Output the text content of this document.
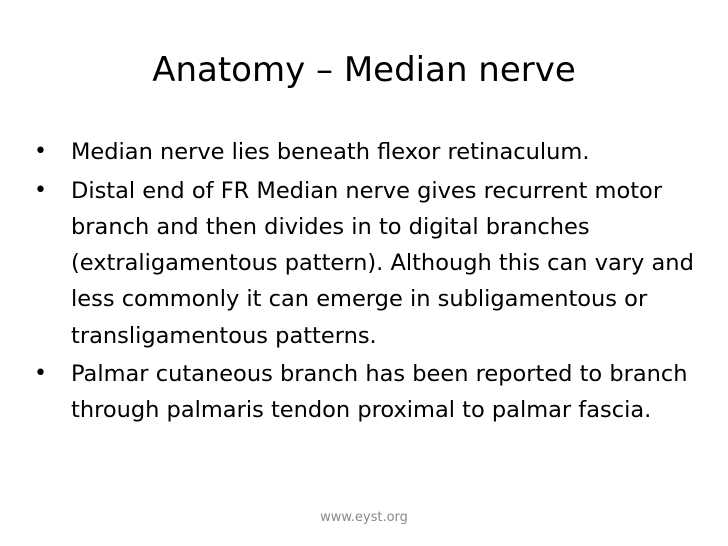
Anatomy – Median nerve
•	Median nerve lies beneath flexor retinaculum.
•	Distal end of FR Median nerve gives recurrent motor branch and then divides in to digital branches (extraligamentous pattern). Although this can vary and less commonly it can emerge in subligamentous or transligamentous patterns.
•	Palmar cutaneous branch has been reported to branch through palmaris tendon proximal to palmar fascia.
www.eyst.org
